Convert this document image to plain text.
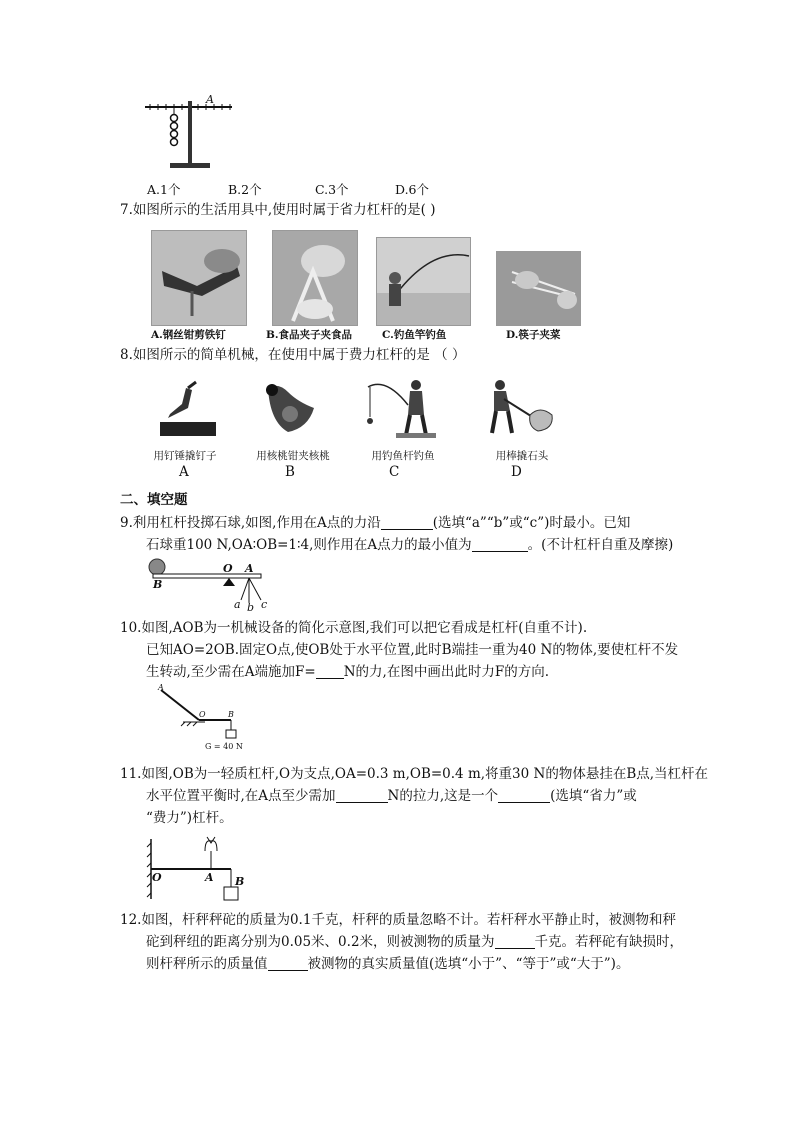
A
A.1个	B.2个	C.3个	D.6个
7.如图所示的生活用具中,使用时属于省力杠杆的是( )
A.钢丝钳剪铁钉	B.食品夹子夹食品	C.钓鱼竿钓鱼	D.筷子夹菜
8.如图所示的简单机械，在使用中属于费力杠杆的是 （ ）
用钉锤撬钉子	用核桃钳夹核桃	用钓鱼杆钓鱼	用棒撬石头
A	B	C	D
二、填空题
9.利用杠杆投掷石球,如图,作用在A点的力沿	(选填“a”“b”或“c”)时最小。已知
石球重100 N,OA∶OB=1∶4,则作用在A点力的最小值为	。(不计杠杆自重及摩擦)
B
O A
a b c
10.如图,AOB为一机械设备的简化示意图,我们可以把它看成是杠杆(自重不计).
已知AO=2OB.固定O点,使OB处于水平位置,此时B端挂一重为40 N的物体,要使杠杆不发
生转动,至少需在A端施加F= N的力,在图中画出此时力F的方向.
A
O	B
G = 40 N
11.如图,OB为一轻质杠杆,O为支点,OA=0.3 m,OB=0.4 m,将重30 N的物体悬挂在B点,当杠杆在
水平位置平衡时,在A点至少需加	N的拉力,这是一个	(选填“省力”或
“费力”)杠杆。
O	A B
12.如图，杆秤秤砣的质量为0.1千克，杆秤的质量忽略不计。若杆秤水平静止时，被测物和秤
砣到秤纽的距离分别为0.05米、0.2米，则被测物的质量为	千克。若秤砣有缺损时，
则杆秤所示的质量值	被测物的真实质量值(选填“小于”、“等于”或“大于”)。
